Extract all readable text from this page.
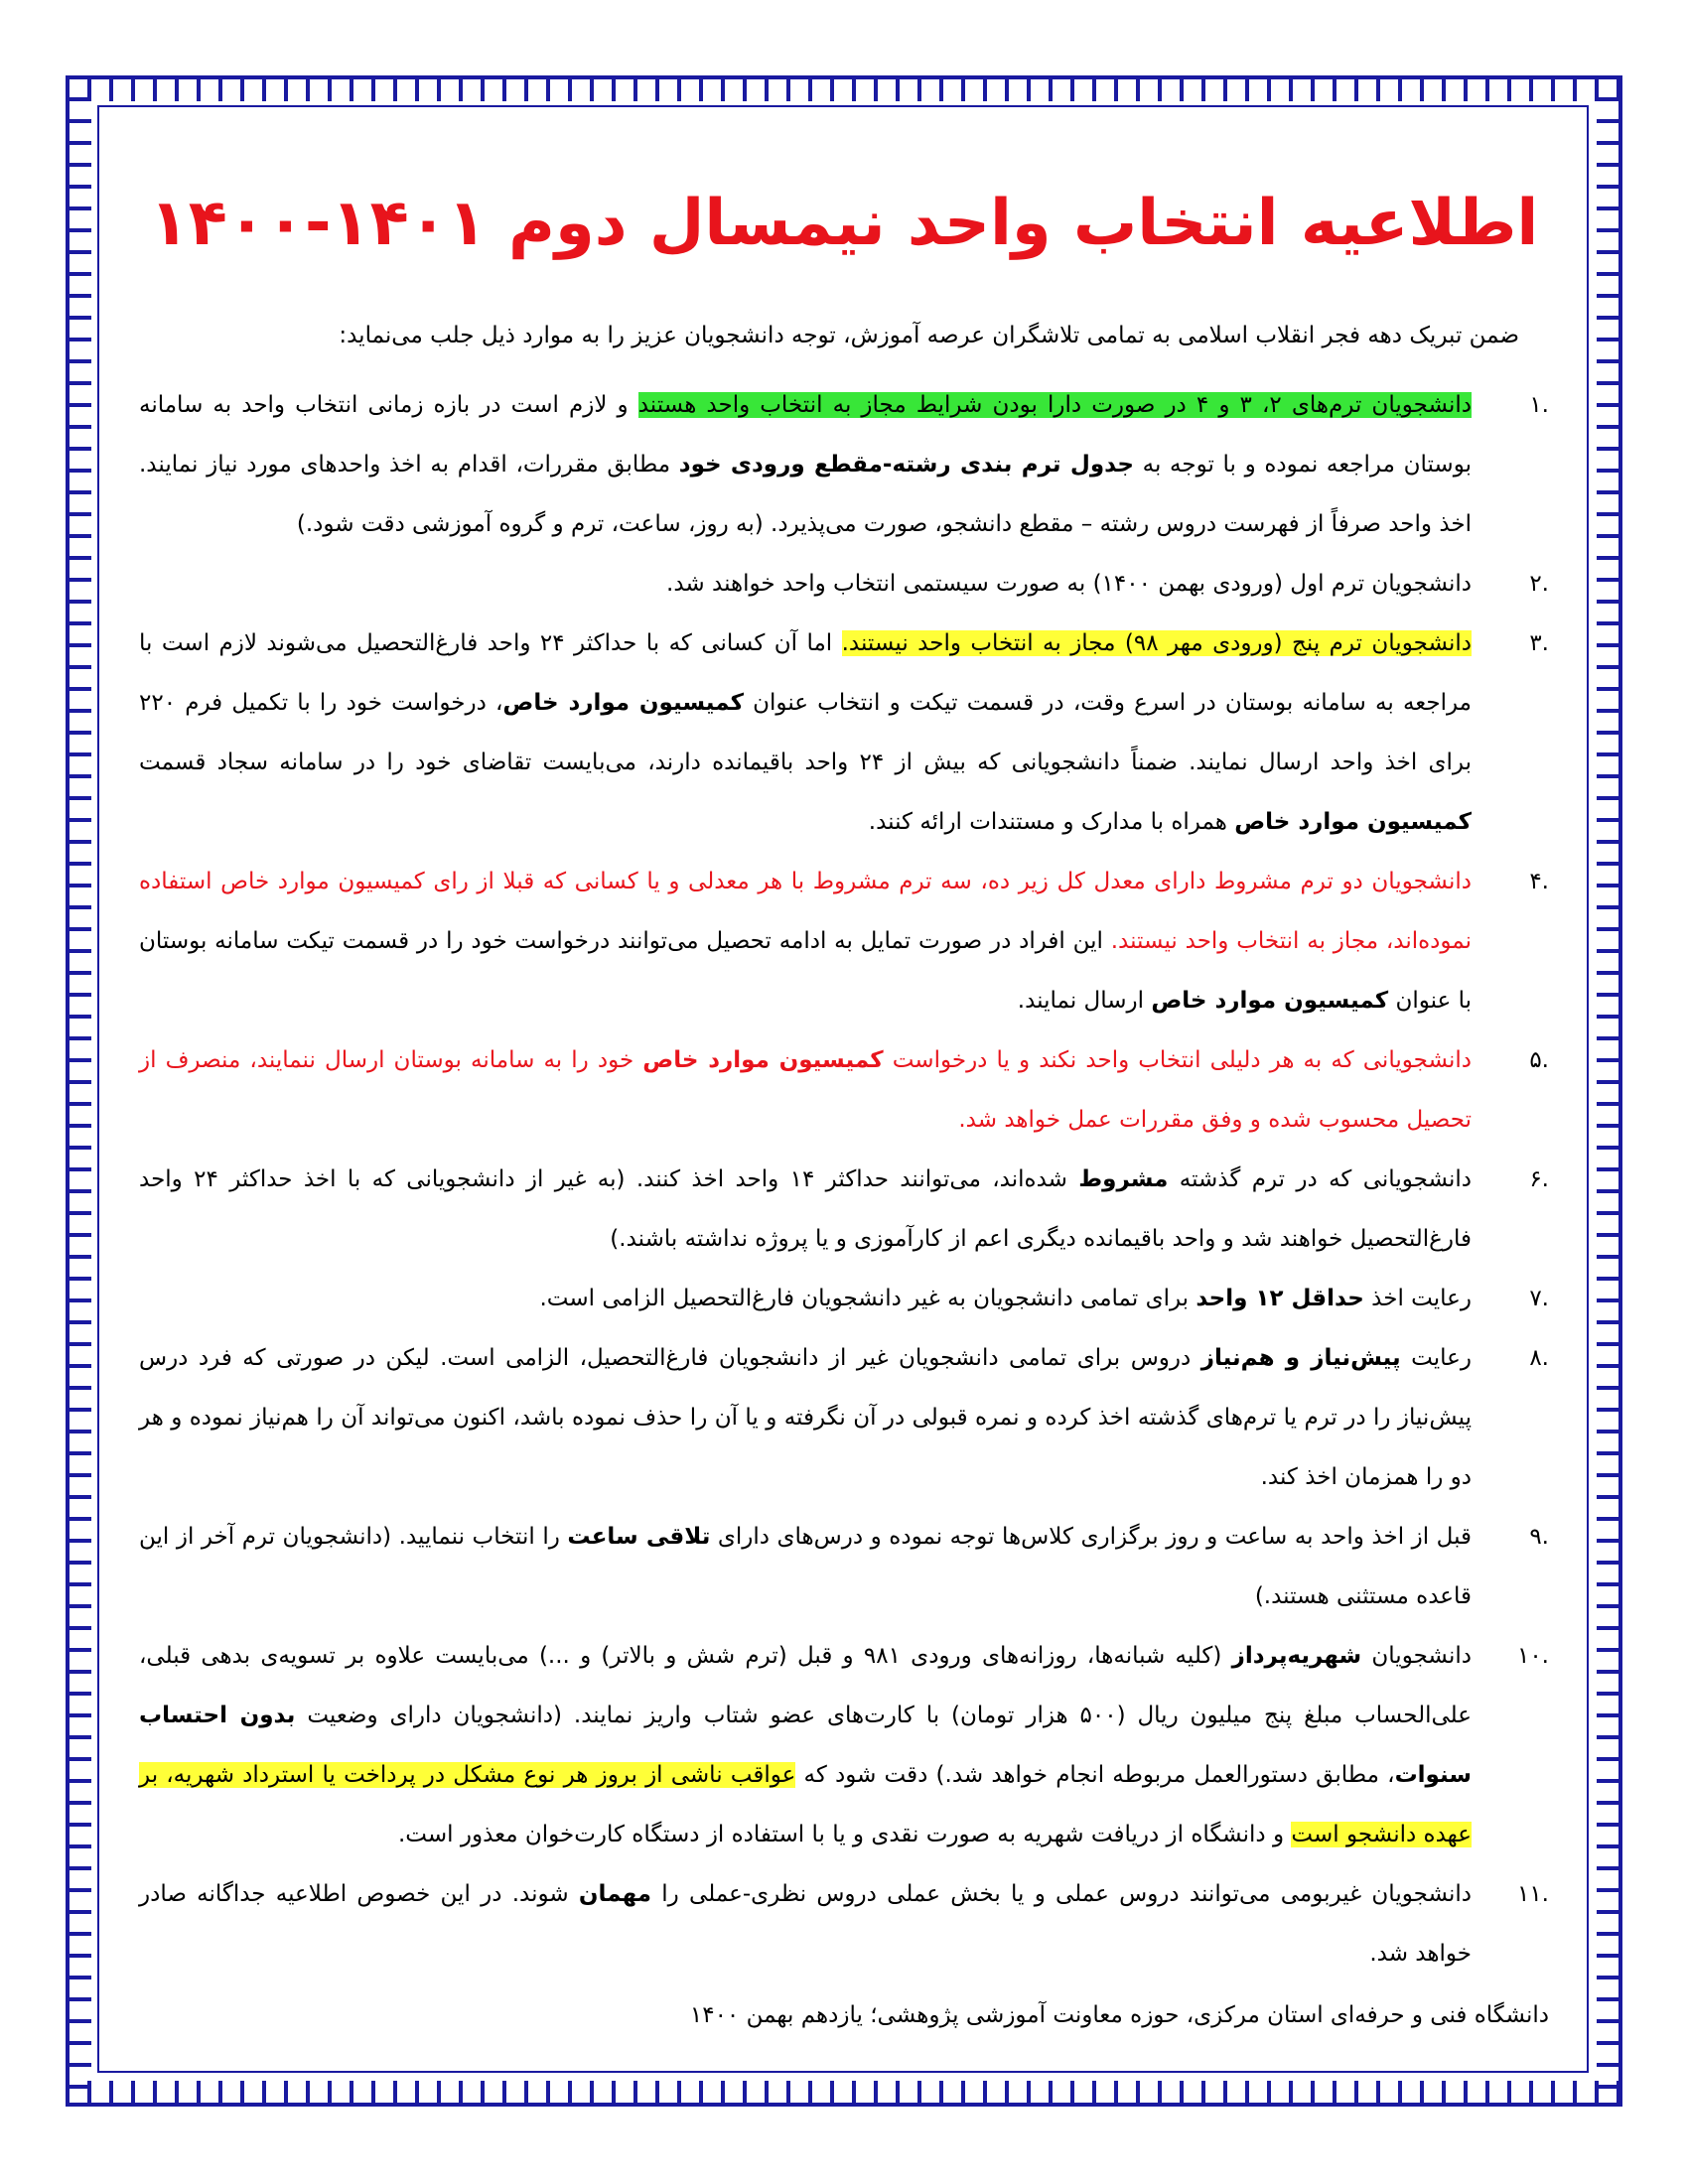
اطلاعیه انتخاب واحد نیمسال دوم ۱۴۰۱-۱۴۰۰

ضمن تبریک دهه فجر انقلاب اسلامی به تمامی تلاشگران عرصه آموزش، توجه دانشجویان عزیز را به موارد ذیل جلب می‌نماید:

۱.
دانشجویان ترم‌های ۲، ۳ و ۴ در صورت دارا بودن شرایط مجاز به انتخاب واحد هستند و لازم است در بازه زمانی انتخاب واحد به سامانه بوستان مراجعه نموده و با توجه به جدول ترم بندی رشته-مقطع ورودی خود مطابق مقررات، اقدام به اخذ واحدهای مورد نیاز نمایند. اخذ واحد صرفاً از فهرست دروس رشته – مقطع دانشجو، صورت می‌پذیرد. (به روز، ساعت، ترم و گروه آموزشی دقت شود.)
۲.
دانشجویان ترم اول (ورودی بهمن ۱۴۰۰) به صورت سیستمی انتخاب واحد خواهند شد.
۳.
دانشجویان ترم پنج (ورودی مهر ۹۸) مجاز به انتخاب واحد نیستند. اما آن کسانی که با حداکثر ۲۴ واحد فارغ‌التحصیل می‌شوند لازم است با مراجعه به سامانه بوستان در اسرع وقت، در قسمت تیکت و انتخاب عنوان کمیسیون موارد خاص، درخواست خود را با تکمیل فرم ۲۲۰ برای اخذ واحد ارسال نمایند. ضمناً دانشجویانی که بیش از ۲۴ واحد باقیمانده دارند، می‌بایست تقاضای خود را در سامانه سجاد قسمت کمیسیون موارد خاص همراه با مدارک و مستندات ارائه کنند.
۴.
دانشجویان دو ترم مشروط دارای معدل کل زیر ده، سه ترم مشروط با هر معدلی و یا کسانی که قبلا از رای کمیسیون موارد خاص استفاده نموده‌اند، مجاز به انتخاب واحد نیستند. این افراد در صورت تمایل به ادامه تحصیل می‌توانند درخواست خود را در قسمت تیکت سامانه بوستان با عنوان کمیسیون موارد خاص ارسال نمایند.
۵.
دانشجویانی که به هر دلیلی انتخاب واحد نکند و یا درخواست کمیسیون موارد خاص خود را به سامانه بوستان ارسال ننمایند، منصرف از تحصیل محسوب شده و وفق مقررات عمل خواهد شد.
۶.
دانشجویانی که در ترم گذشته مشروط شده‌اند، می‌توانند حداکثر ۱۴ واحد اخذ کنند. (به غیر از دانشجویانی که با اخذ حداکثر ۲۴ واحد فارغ‌التحصیل خواهند شد و واحد باقیمانده دیگری اعم از کارآموزی و یا پروژه نداشته باشند.)
۷.
رعایت اخذ حداقل ۱۲ واحد برای تمامی دانشجویان به غیر دانشجویان فارغ‌التحصیل الزامی است.
۸.
رعایت پیش‌نیاز و هم‌نیاز دروس برای تمامی دانشجویان غیر از دانشجویان فارغ‌التحصیل، الزامی است. لیکن در صورتی که فرد درس پیش‌نیاز را در ترم یا ترم‌های گذشته اخذ کرده و نمره قبولی در آن نگرفته و یا آن را حذف نموده باشد، اکنون می‌تواند آن را هم‌نیاز نموده و هر دو را همزمان اخذ کند.
۹.
قبل از اخذ واحد به ساعت و روز برگزاری کلاس‌ها توجه نموده و درس‌های دارای تلاقی ساعت را انتخاب ننمایید. (دانشجویان ترم آخر از این قاعده مستثنی هستند.)
۱۰.
دانشجویان شهریه‌پرداز (کلیه شبانه‌ها، روزانه‌های ورودی ۹۸۱ و قبل (ترم شش و بالاتر) و ...) می‌بایست علاوه بر تسویه‌ی بدهی قبلی، علی‌الحساب مبلغ پنج میلیون ریال (۵۰۰ هزار تومان) با کارت‌های عضو شتاب واریز نمایند. (دانشجویان دارای وضعیت بدون احتساب سنوات، مطابق دستورالعمل مربوطه انجام خواهد شد.) دقت شود که عواقب ناشی از بروز هر نوع مشکل در پرداخت یا استرداد شهریه، بر عهده دانشجو است و دانشگاه از دریافت شهریه به صورت نقدی و یا با استفاده از دستگاه کارت‌خوان معذور است.
۱۱.
دانشجویان غیربومی می‌توانند دروس عملی و یا بخش عملی دروس نظری-عملی را مهمان شوند. در این خصوص اطلاعیه جداگانه صادر خواهد شد.

دانشگاه فنی و حرفه‌ای استان مرکزی، حوزه معاونت آموزشی پژوهشی؛ یازدهم بهمن ۱۴۰۰
